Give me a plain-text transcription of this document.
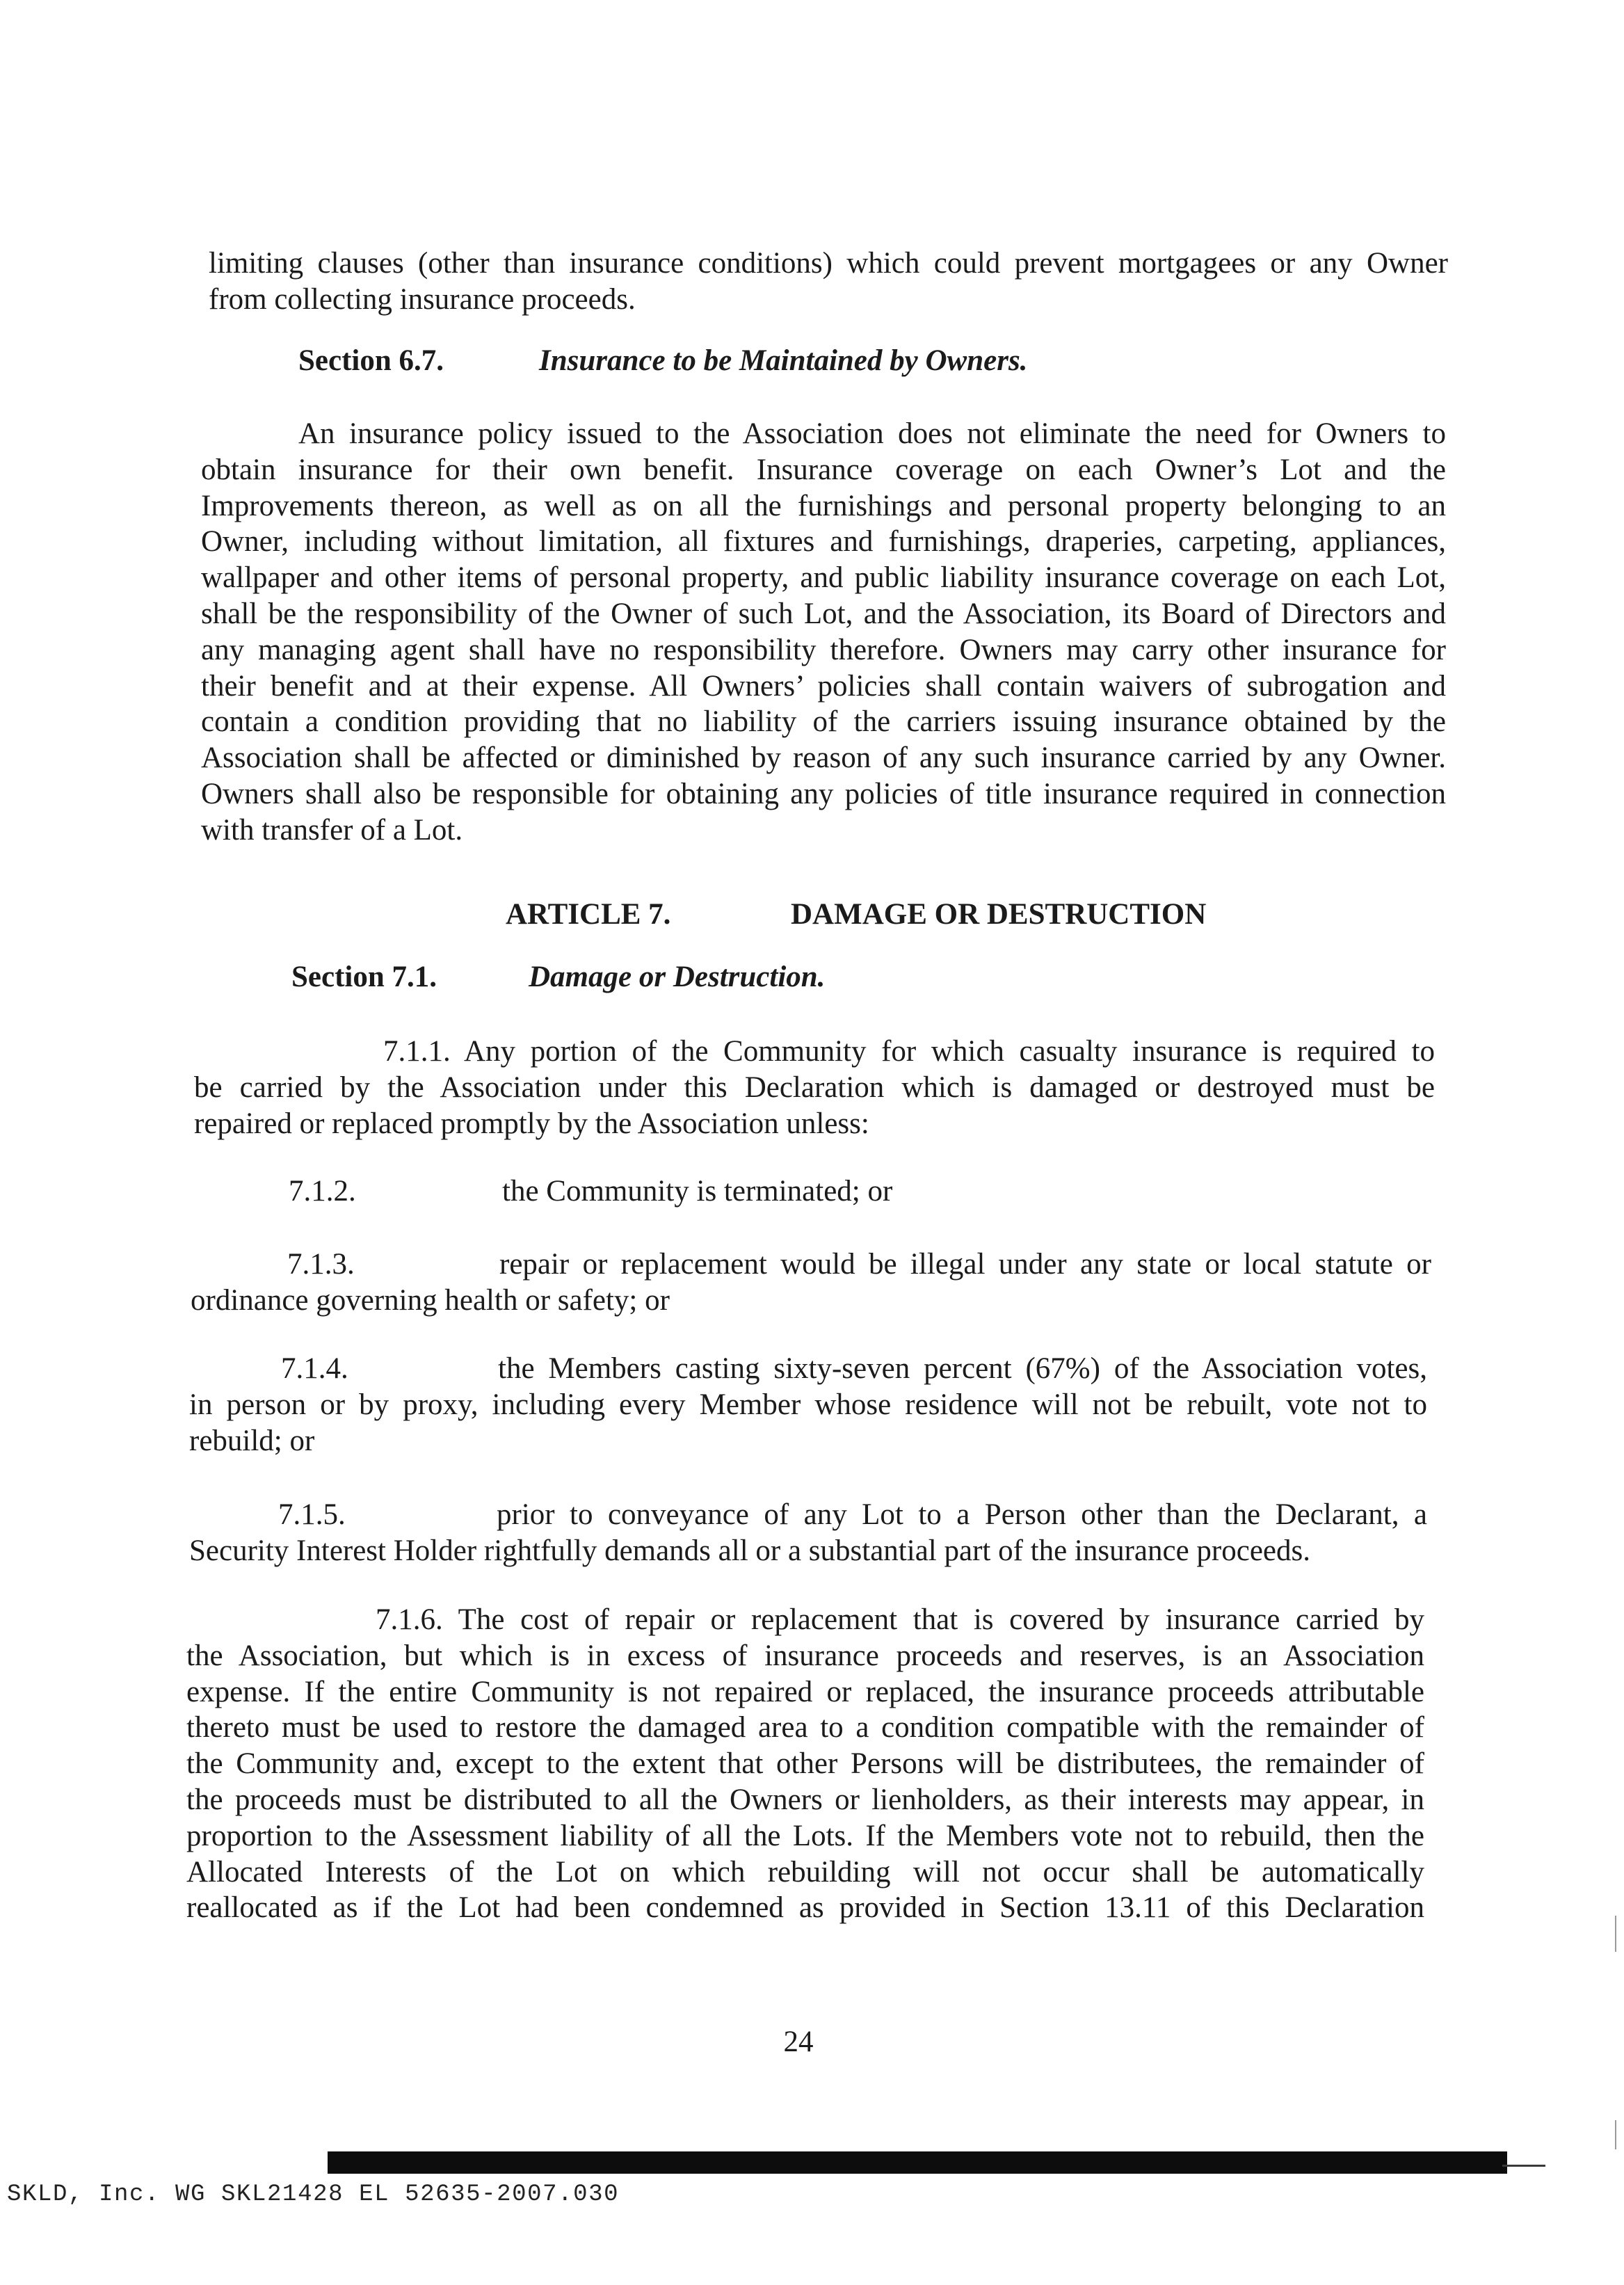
limiting clauses (other than insurance conditions) which could prevent mortgagees or any Owner
from collecting insurance proceeds.
Section 6.7.	Insurance to be Maintained by Owners.
An insurance policy issued to the Association does not eliminate the need for Owners to
obtain insurance for their own benefit. Insurance coverage on each Owner’s Lot and the
Improvements thereon, as well as on all the furnishings and personal property belonging to an
Owner, including without limitation, all fixtures and furnishings, draperies, carpeting, appliances,
wallpaper and other items of personal property, and public liability insurance coverage on each Lot,
shall be the responsibility of the Owner of such Lot, and the Association, its Board of Directors and
any managing agent shall have no responsibility therefore. Owners may carry other insurance for
their benefit and at their expense. All Owners’ policies shall contain waivers of subrogation and
contain a condition providing that no liability of the carriers issuing insurance obtained by the
Association shall be affected or diminished by reason of any such insurance carried by any Owner.
Owners shall also be responsible for obtaining any policies of title insurance required in connection
with transfer of a Lot.
ARTICLE 7.	DAMAGE OR DESTRUCTION
Section 7.1.	Damage or Destruction.
7.1.1. Any portion of the Community for which casualty insurance is required to
be carried by the Association under this Declaration which is damaged or destroyed must be
repaired or replaced promptly by the Association unless:
7.1.2.	the Community is terminated; or
7.1.3.	repair or replacement would be illegal under any state or local statute or
ordinance governing health or safety; or
7.1.4.	the Members casting sixty-seven percent (67%) of the Association votes,
in person or by proxy, including every Member whose residence will not be rebuilt, vote not to
rebuild; or
7.1.5.	prior to conveyance of any Lot to a Person other than the Declarant, a
Security Interest Holder rightfully demands all or a substantial part of the insurance proceeds.
7.1.6. The cost of repair or replacement that is covered by insurance carried by
the Association, but which is in excess of insurance proceeds and reserves, is an Association
expense. If the entire Community is not repaired or replaced, the insurance proceeds attributable
thereto must be used to restore the damaged area to a condition compatible with the remainder of
the Community and, except to the extent that other Persons will be distributees, the remainder of
the proceeds must be distributed to all the Owners or lienholders, as their interests may appear, in
proportion to the Assessment liability of all the Lots. If the Members vote not to rebuild, then the
Allocated Interests of the Lot on which rebuilding will not occur shall be automatically
reallocated as if the Lot had been condemned as provided in Section 13.11 of this Declaration
24
SKLD, Inc. WG SKL21428 EL 52635-2007.030
